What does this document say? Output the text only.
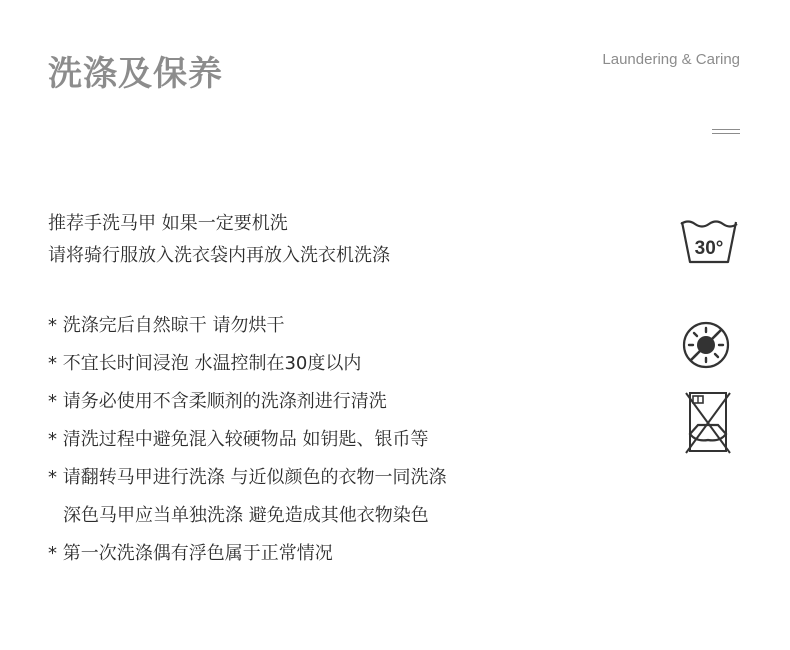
洗涤及保养	Laundering & Caring
推荐手洗马甲 如果一定要机洗
请将骑行服放入洗衣袋内再放入洗衣机洗涤
* 洗涤完后自然晾干 请勿烘干
* 不宜长时间浸泡 水温控制在30度以内
* 请务必使用不含柔顺剂的洗涤剂进行清洗
* 清洗过程中避免混入较硬物品 如钥匙、银币等
* 请翻转马甲进行洗涤 与近似颜色的衣物一同洗涤
深色马甲应当单独洗涤 避免造成其他衣物染色
* 第一次洗涤偶有浮色属于正常情况
30°
